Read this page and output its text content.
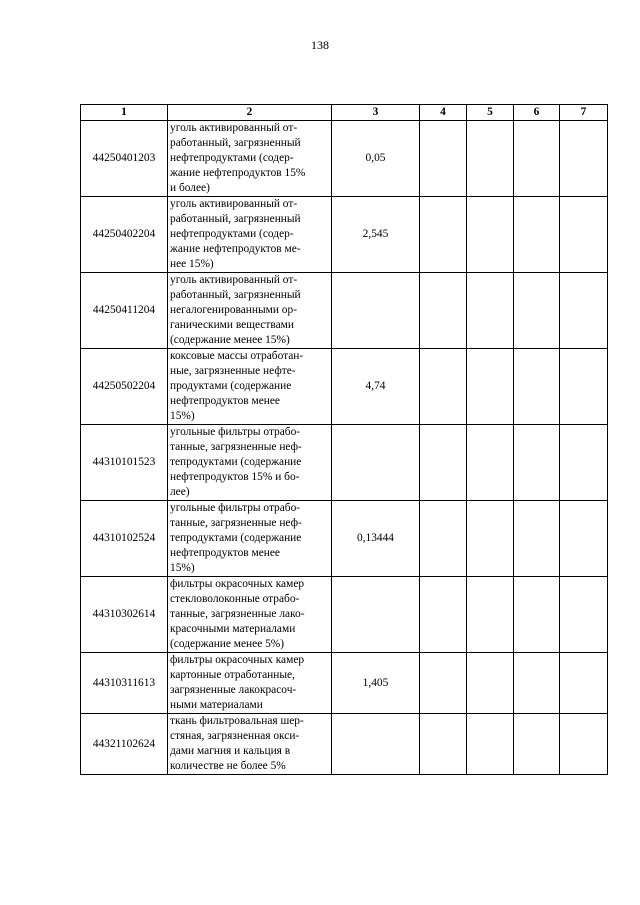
138
1	2	3	4	5	6	7
44250401203	уголь активированный от-
работанный, загрязненный
нефтепродуктами (содер-
жание нефтепродуктов 15%
и более)	0,05				
44250402204	уголь активированный от-
работанный, загрязненный
нефтепродуктами (содер-
жание нефтепродуктов ме-
нее 15%)	2,545				
44250411204	уголь активированный от-
работанный, загрязненный
негалогенированными ор-
ганическими веществами
(содержание менее 15%)					

44250502204	коксовые массы отработан-
ные, загрязненные нефте-
продуктами (содержание
нефтепродуктов менее
15%)	4,74				
44310101523	угольные фильтры отрабо-
танные, загрязненные неф-
тепродуктами (содержание
нефтепродуктов 15% и бо-
лее)					

44310102524	угольные фильтры отрабо-
танные, загрязненные неф-
тепродуктами (содержание
нефтепродуктов менее
15%)	0,13444				
44310302614	фильтры окрасочных камер
стекловолоконные отрабо-
танные, загрязненные лако-
красочными материалами
(содержание менее 5%)					

44310311613	фильтры окрасочных камер
картонные отработанные,
загрязненные лакокрасоч-
ными материалами	1,405				
44321102624	ткань фильтровальная шер-
стяная, загрязненная окси-
дами магния и кальция в
количестве не более 5%					
